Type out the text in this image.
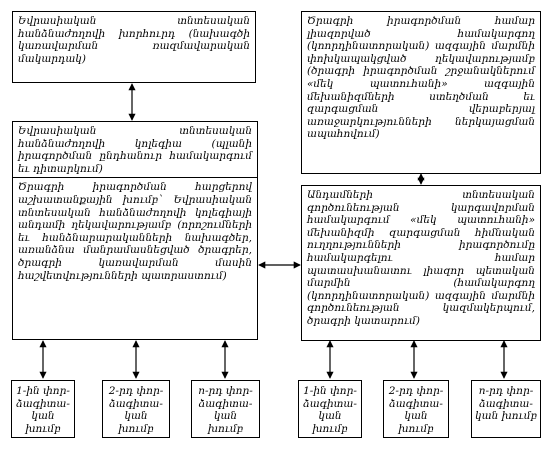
Եվրասիական տնտեսական հանձնաժողովի խորհուրդ (նախագծի կառավարման ռազմավարական մակարդակ)

Եվրասիական տնտեսական հանձնաժողովի կոլեգիա (պլանի իրագործման ընդհանուր համակարգում եւ դիտարկում)

Ծրագրի իրագործման հարցերով աշխատանքային խումբ` Եվրասիական տնտեսական հանձնաժողովի կոլեգիայի անդամի ղեկավարությամբ (որոշումների եւ հանձնարարականների նախագծեր, առանձնա մանրամասնեցված ծրագրեր, ծրագրի կառավարման մասին հաշվետվությունների պատրաստում)

Ծրագրի իրագործման համար լիազորված համակարգող (կոորդինատորական) ազգային մարմնի փոխկապակցված ղեկավարությամբ (ծրագրի իրագործման շրջանակներում «մեկ պատուհանի» ազգային մեխանիզմների ստեղծման եւ զարգացման վերաբերյալ առաջարկությունների ներկայացման ապահովում)

Անդամների տնտեսական գործունեության կարգավորման համակարգում «մեկ պատուհանի» մեխանիզմի զարգացման հիմնական ուղղությունների իրագործումը համակարգելու համար պատասխանատու լիազոր պետական մարմին (համակարգող (կոորդինատորական) ազգային մարմնի գործունեության կազմակերպում, ծրագրի կատարում)

1-ին փոր-ձագիտա-կան խումբ
2-րդ փոր-ձագիտա-կան խումբ
n-րդ փոր-ձագիտա-կան խումբ
1-ին փոր-ձագիտա-կան խումբ
2-րդ փոր-ձագիտա-կան խումբ
n-րդ փոր-ձագիտա-կան խումբ
